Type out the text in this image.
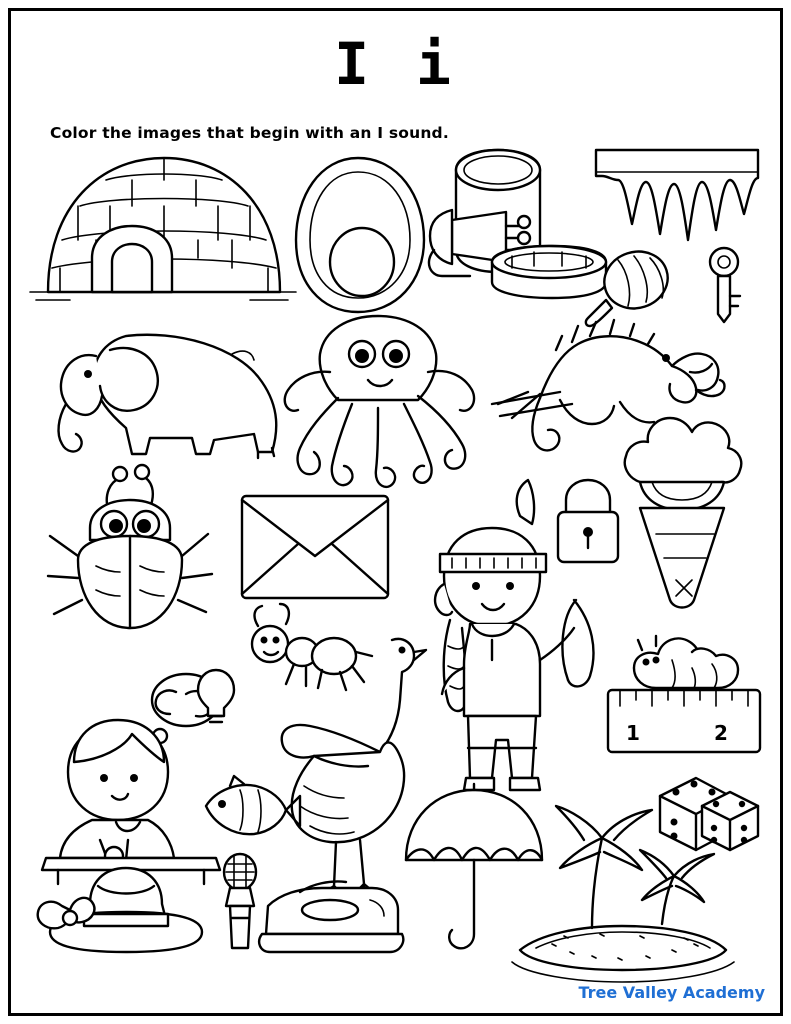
I i
Color the images that begin with an I sound.
1	2
Tree Valley Academy
